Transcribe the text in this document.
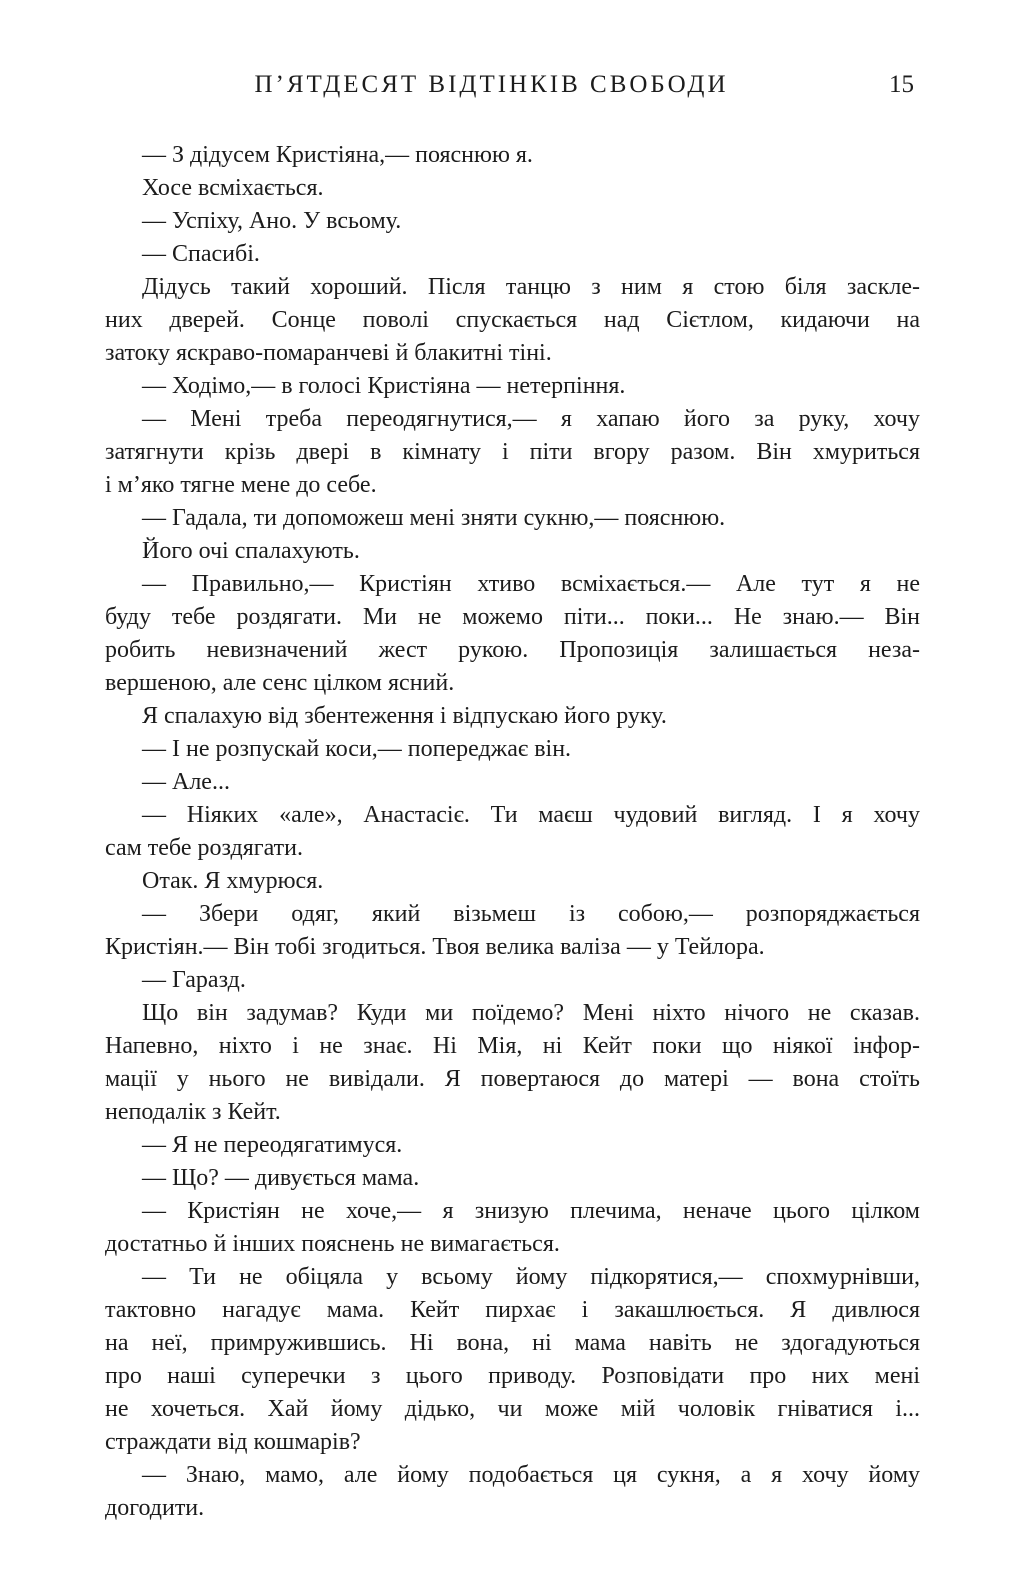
П’ЯТДЕСЯТ ВІДТІНКІВ СВОБОДИ	15
— З дідусем Кристіяна,— пояснюю я.
Хосе всміхається.
— Успіху, Ано. У всьому.
— Спасибі.
Дідусь такий хороший. Після танцю з ним я стою біля заскле-
них дверей. Сонце поволі спускається над Сієтлом, кидаючи на
затоку яскраво-помаранчеві й блакитні тіні.
— Ходімо,— в голосі Кристіяна — нетерпіння.
— Мені треба переодягнутися,— я хапаю його за руку, хочу
затягнути крізь двері в кімнату і піти вгору разом. Він хмуриться
і м’яко тягне мене до себе.
— Гадала, ти допоможеш мені зняти сукню,— пояснюю.
Його очі спалахують.
— Правильно,— Кристіян хтиво всміхається.— Але тут я не
буду тебе роздягати. Ми не можемо піти... поки... Не знаю.— Він
робить невизначений жест рукою. Пропозиція залишається неза-
вершеною, але сенс цілком ясний.
Я спалахую від збентеження і відпускаю його руку.
— І не розпускай коси,— попереджає він.
— Але...
— Ніяких «але», Анастасіє. Ти маєш чудовий вигляд. І я хочу
сам тебе роздягати.
Отак. Я хмурюся.
— Збери одяг, який візьмеш із собою,— розпоряджається
Кристіян.— Він тобі згодиться. Твоя велика валіза — у Тейлора.
— Гаразд.
Що він задумав? Куди ми поїдемо? Мені ніхто нічого не сказав.
Напевно, ніхто і не знає. Ні Мія, ні Кейт поки що ніякої інфор-
мації у нього не вивідали. Я повертаюся до матері — вона стоїть
неподалік з Кейт.
— Я не переодягатимуся.
— Що? — дивується мама.
— Кристіян не хоче,— я знизую плечима, неначе цього цілком
достатньо й інших пояснень не вимагається.
— Ти не обіцяла у всьому йому підкорятися,— спохмурнівши,
тактовно нагадує мама. Кейт пирхає і закашлюється. Я дивлюся
на неї, примружившись. Ні вона, ні мама навіть не здогадуються
про наші суперечки з цього приводу. Розповідати про них мені
не хочеться. Хай йому дідько, чи може мій чоловік гніватися і...
страждати від кошмарів?
— Знаю, мамо, але йому подобається ця сукня, а я хочу йому
догодити.
